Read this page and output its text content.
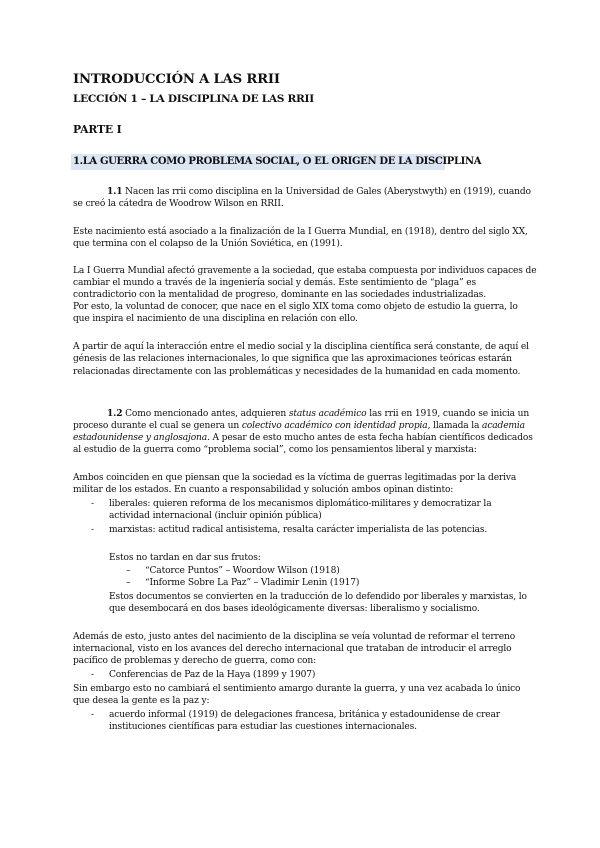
INTRODUCCIÓN A LAS RRII
LECCIÓN 1 – LA DISCIPLINA DE LAS RRII
PARTE I
1.LA GUERRA COMO PROBLEMA SOCIAL, O EL ORIGEN DE LA DISCIPLINA
1.1 Nacen las rrii como disciplina en la Universidad de Gales (Aberystwyth) en (1919), cuando
se creó la cátedra de Woodrow Wilson en RRII.
Este nacimiento está asociado a la finalización de la I Guerra Mundial, en (1918), dentro del siglo XX,
que termina con el colapso de la Unión Soviética, en (1991).
La I Guerra Mundial afectó gravemente a la sociedad, que estaba compuesta por individuos capaces de
cambiar el mundo a través de la ingeniería social y demás. Este sentimiento de “plaga” es
contradictorio con la mentalidad de progreso, dominante en las sociedades industrializadas.
Por esto, la voluntad de conocer, que nace en el siglo XIX toma como objeto de estudio la guerra, lo
que inspira el nacimiento de una disciplina en relación con ello.
A partir de aquí la interacción entre el medio social y la disciplina científica será constante, de aquí el
génesis de las relaciones internacionales, lo que significa que las aproximaciones teóricas estarán
relacionadas directamente con las problemáticas y necesidades de la humanidad en cada momento.
1.2 Como mencionado antes, adquieren status académico las rrii en 1919, cuando se inicia un
proceso durante el cual se genera un colectivo académico con identidad propia, llamada la academia
estadounidense y anglosajona. A pesar de esto mucho antes de esta fecha habían científicos dedicados
al estudio de la guerra como “problema social”, como los pensamientos liberal y marxista:
Ambos coinciden en que piensan que la sociedad es la víctima de guerras legitimadas por la deriva
militar de los estados. En cuanto a responsabilidad y solución ambos opinan distinto:
- liberales: quieren reforma de los mecanismos diplomático-militares y democratizar la
actividad internacional (incluir opinión pública)
- marxistas: actitud radical antisistema, resalta carácter imperialista de las potencias.
Estos no tardan en dar sus frutos:
– “Catorce Puntos” – Woordow Wilson (1918)
– “Informe Sobre La Paz” – Vladimir Lenin (1917)
Estos documentos se convierten en la traducción de lo defendido por liberales y marxistas, lo
que desembocará en dos bases ideológicamente diversas: liberalismo y socialismo.
Además de esto, justo antes del nacimiento de la disciplina se veía voluntad de reformar el terreno
internacional, visto en los avances del derecho internacional que trataban de introducir el arreglo
pacífico de problemas y derecho de guerra, como con:
- Conferencias de Paz de la Haya (1899 y 1907)
Sin embargo esto no cambiará el sentimiento amargo durante la guerra, y una vez acabada lo único
que desea la gente es la paz y:
- acuerdo informal (1919) de delegaciones francesa, británica y estadounidense de crear
instituciones científicas para estudiar las cuestiones internacionales.
